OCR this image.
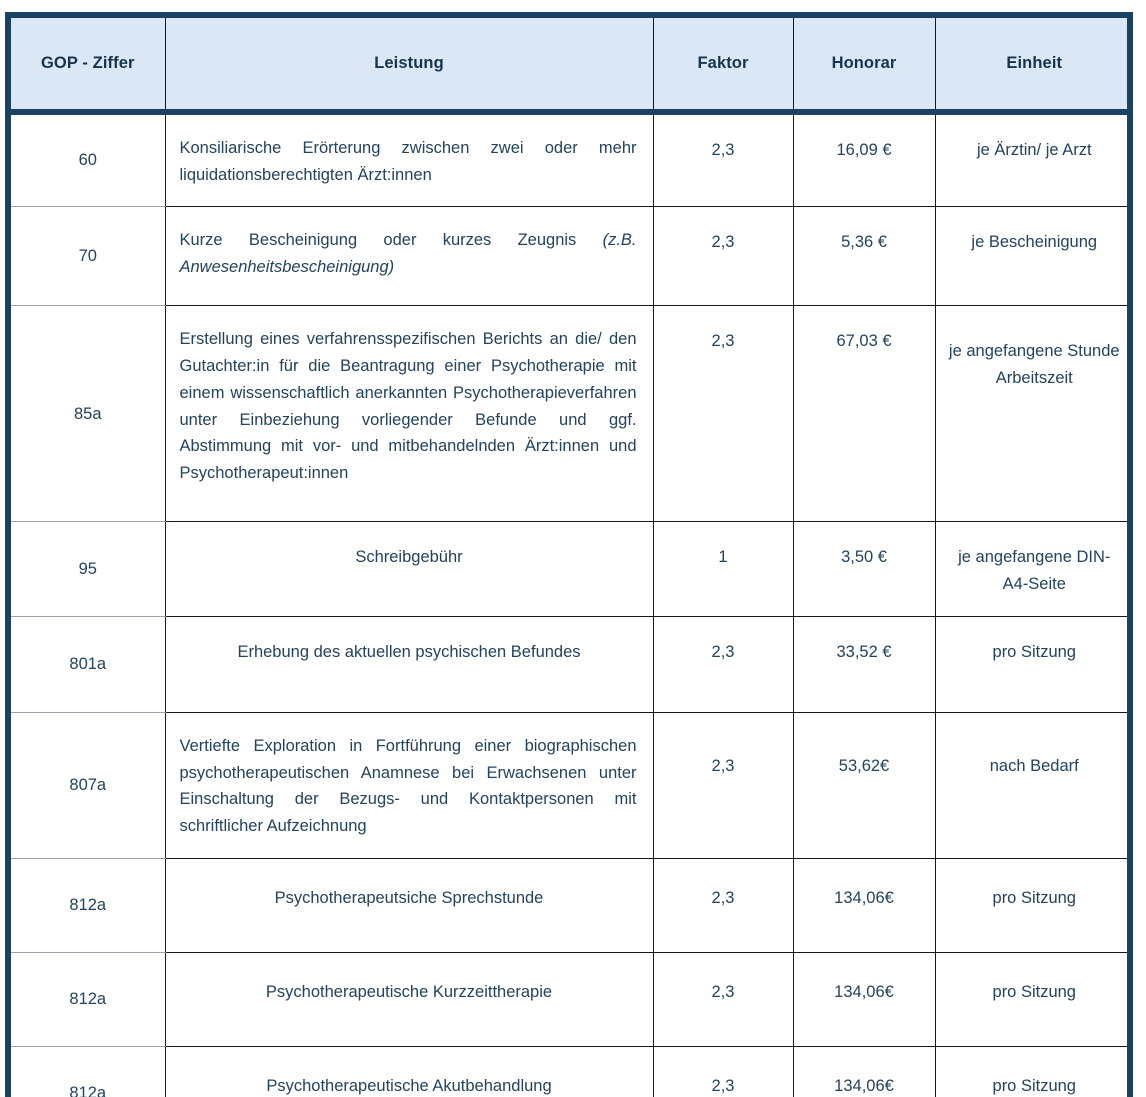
GOP - Ziffer	Leistung	Faktor	Honorar	Einheit

60	Konsiliarische Erörterung zwischen zwei oder mehr liquidationsberechtigten Ärzt:innen	2,3	16,09 €	je Ärztin/ je Arzt

70	Kurze Bescheinigung oder kurzes Zeugnis (z.B. Anwesenheitsbescheinigung)	2,3	5,36 €	je Bescheinigung

85a	Erstellung eines verfahrensspezifischen Berichts an die/ den Gutachter:in für die Beantragung einer Psychotherapie mit einem wissenschaftlich anerkannten Psychotherapieverfahren unter Einbeziehung vorliegender Befunde und ggf. Abstimmung mit vor- und mitbehandelnden Ärzt:innen und Psychotherapeut:innen	2,3	67,03 €	je angefangene Stunde Arbeitszeit

95	Schreibgebühr	1	3,50 €	je angefangene DIN-A4-Seite

801a	Erhebung des aktuellen psychischen Befundes	2,3	33,52 €	pro Sitzung

807a	Vertiefte Exploration in Fortführung einer biographischen psychotherapeutischen Anamnese bei Erwachsenen unter Einschaltung der Bezugs- und Kontaktpersonen mit schriftlicher Aufzeichnung	2,3	53,62€	nach Bedarf

812a	Psychotherapeutsiche Sprechstunde	2,3	134,06€	pro Sitzung

812a	Psychotherapeutische Kurzzeittherapie	2,3	134,06€	pro Sitzung

812a	Psychotherapeutische Akutbehandlung	2,3	134,06€	pro Sitzung
